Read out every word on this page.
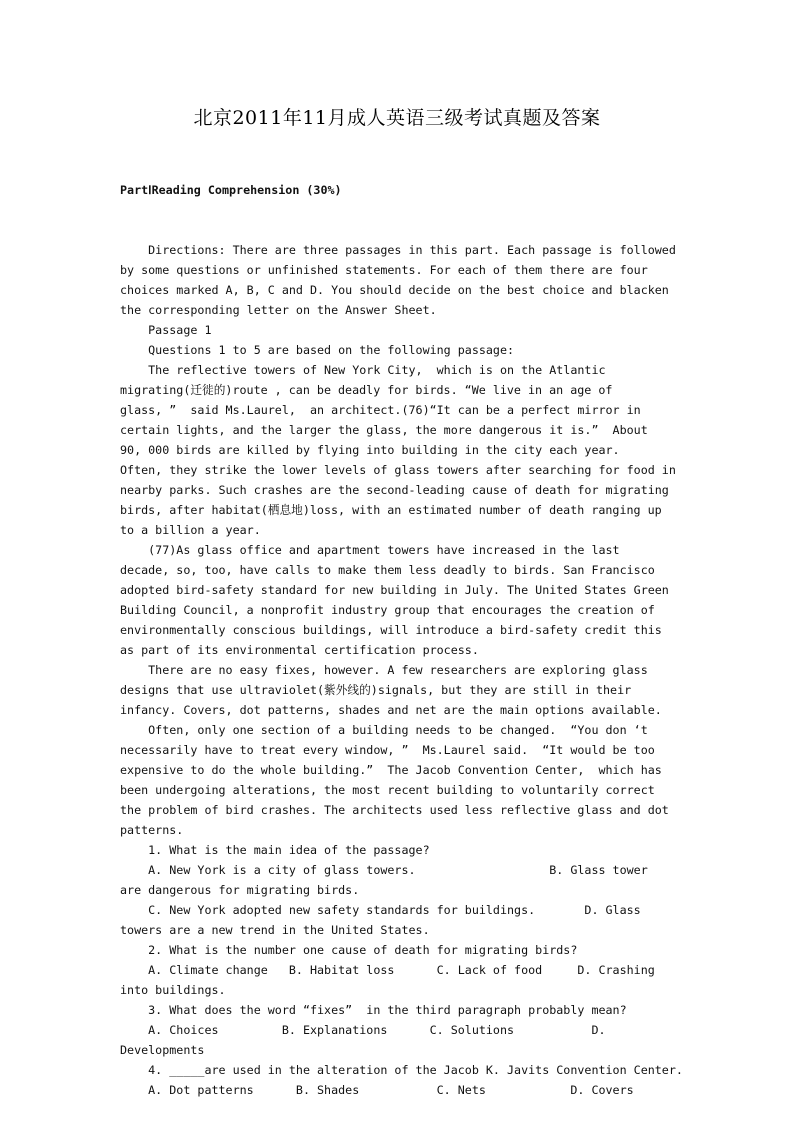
北京2011年11月成人英语三级考试真题及答案

PartⅠReading Comprehension (30%)

Directions: There are three passages in this part. Each passage is followed
by some questions or unfinished statements. For each of them there are four
choices marked A, B, C and D. You should decide on the best choice and blacken
the corresponding letter on the Answer Sheet.
Passage 1
Questions 1 to 5 are based on the following passage:
The reflective towers of New York City,  which is on the Atlantic
migrating(迁徙的)route , can be deadly for birds. “We live in an age of
glass, ”  said Ms.Laurel,  an architect.(76)“It can be a perfect mirror in
certain lights, and the larger the glass, the more dangerous it is.”  About
90, 000 birds are killed by flying into building in the city each year.
Often, they strike the lower levels of glass towers after searching for food in
nearby parks. Such crashes are the second-leading cause of death for migrating
birds, after habitat(栖息地)loss, with an estimated number of death ranging up
to a billion a year.
(77)As glass office and apartment towers have increased in the last
decade, so, too, have calls to make them less deadly to birds. San Francisco
adopted bird-safety standard for new building in July. The United States Green
Building Council, a nonprofit industry group that encourages the creation of
environmentally conscious buildings, will introduce a bird-safety credit this
as part of its environmental certification process.
There are no easy fixes, however. A few researchers are exploring glass
designs that use ultraviolet(紫外线的)signals, but they are still in their
infancy. Covers, dot patterns, shades and net are the main options available.
Often, only one section of a building needs to be changed.  “You don ‘t
necessarily have to treat every window, ”  Ms.Laurel said.  “It would be too
expensive to do the whole building.”  The Jacob Convention Center,  which has
been undergoing alterations, the most recent building to voluntarily correct
the problem of bird crashes. The architects used less reflective glass and dot
patterns.
1. What is the main idea of the passage?
A. New York is a city of glass towers.                   B. Glass tower
are dangerous for migrating birds.
C. New York adopted new safety standards for buildings.       D. Glass
towers are a new trend in the United States.
2. What is the number one cause of death for migrating birds?
A. Climate change   B. Habitat loss      C. Lack of food     D. Crashing
into buildings.
3. What does the word “fixes”  in the third paragraph probably mean?
A. Choices         B. Explanations      C. Solutions           D.
Developments
4. _____are used in the alteration of the Jacob K. Javits Convention Center.
A. Dot patterns      B. Shades           C. Nets            D. Covers
